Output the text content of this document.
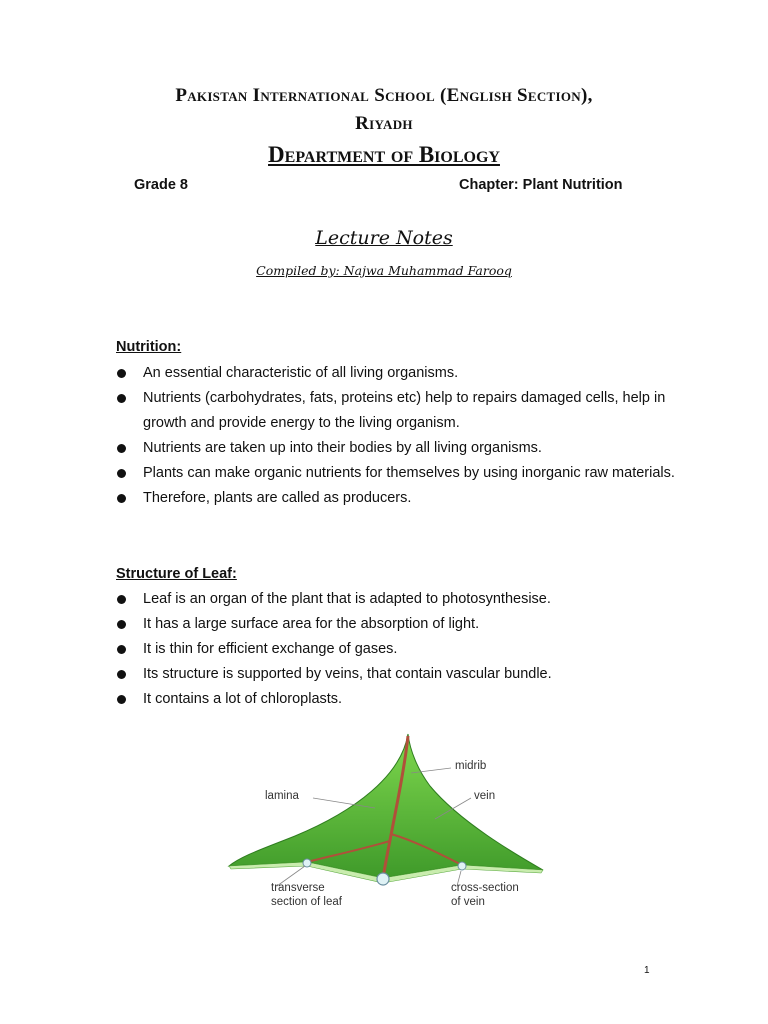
Pakistan International School (English Section),
Riyadh
Department of Biology
Grade 8	Chapter: Plant Nutrition
Lecture Notes
Compiled by: Najwa Muhammad Farooq
Nutrition:
An essential characteristic of all living organisms.
Nutrients (carbohydrates, fats, proteins etc) help to repairs damaged cells, help in growth and provide energy to the living organism.
Nutrients are taken up into their bodies by all living organisms.
Plants can make organic nutrients for themselves by using inorganic raw materials.
Therefore, plants are called as producers.
Structure of Leaf:
Leaf is an organ of the plant that is adapted to photosynthesise.
It has a large surface area for the absorption of light.
It is thin for efficient exchange of gases.
Its structure is supported by veins, that contain vascular bundle.
It contains a lot of chloroplasts.
midrib
lamina	vein
transverse
section of leaf
cross-section
of vein
1
